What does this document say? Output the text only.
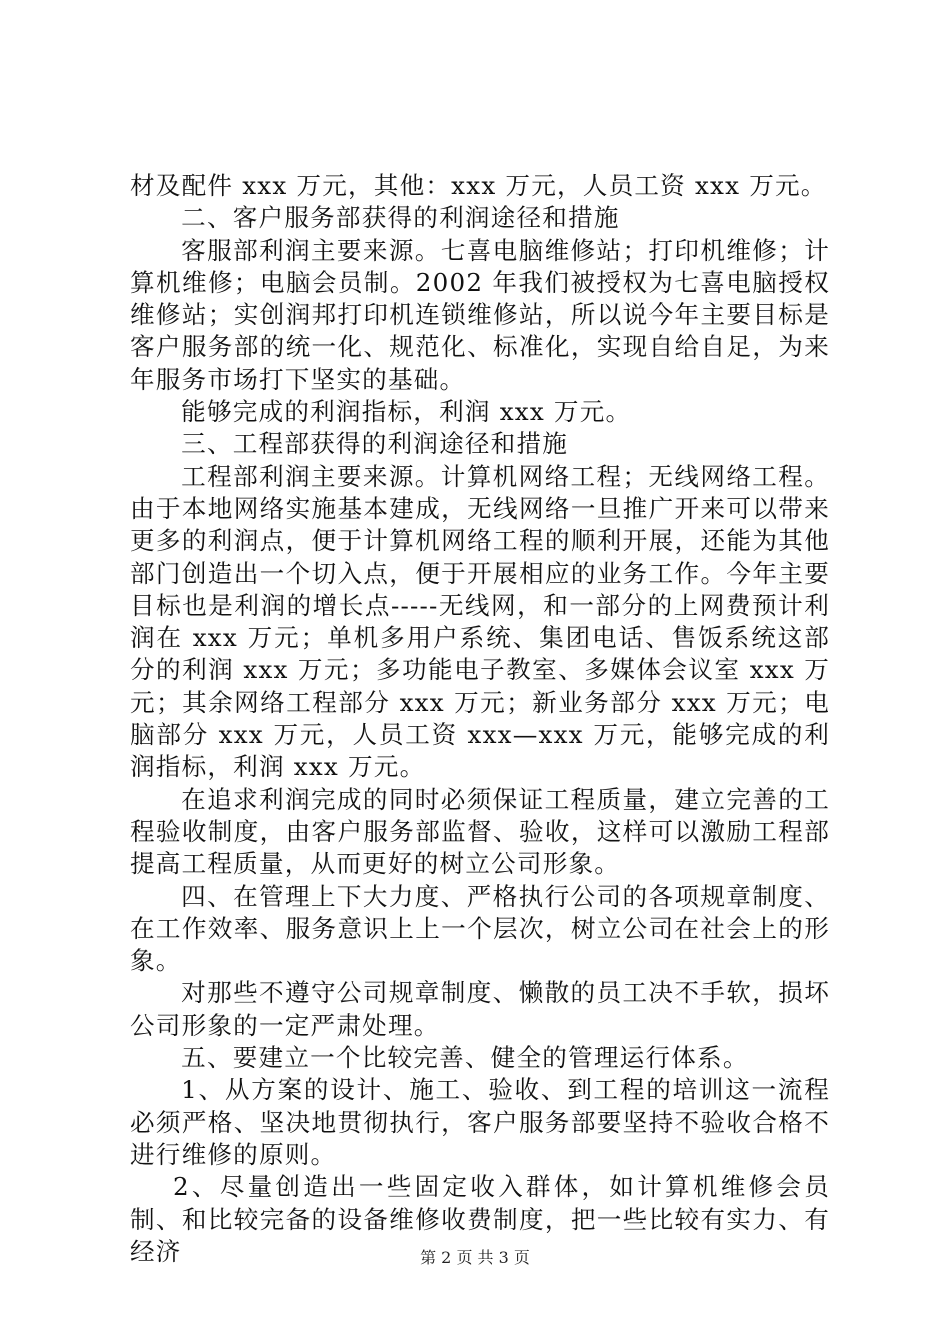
材及配件 xxx 万元，其他：xxx 万元，人员工资 xxx 万元。

二、客户服务部获得的利润途径和措施

客服部利润主要来源。七喜电脑维修站；打印机维修；计算机维修；电脑会员制。2002 年我们被授权为七喜电脑授权维修站；实创润邦打印机连锁维修站，所以说今年主要目标是客户服务部的统一化、规范化、标准化，实现自给自足，为来年服务市场打下坚实的基础。

能够完成的利润指标，利润 xxx 万元。

三、工程部获得的利润途径和措施

工程部利润主要来源。计算机网络工程；无线网络工程。由于本地网络实施基本建成，无线网络一旦推广开来可以带来更多的利润点，便于计算机网络工程的顺利开展，还能为其他部门创造出一个切入点，便于开展相应的业务工作。今年主要目标也是利润的增长点-----无线网，和一部分的上网费预计利润在 xxx 万元；单机多用户系统、集团电话、售饭系统这部分的利润 xxx 万元；多功能电子教室、多媒体会议室 xxx 万元；其余网络工程部分 xxx 万元；新业务部分 xxx 万元；电脑部分 xxx 万元，人员工资 xxx—xxx 万元，能够完成的利润指标，利润 xxx 万元。

在追求利润完成的同时必须保证工程质量，建立完善的工程验收制度，由客户服务部监督、验收，这样可以激励工程部提高工程质量，从而更好的树立公司形象。

四、在管理上下大力度、严格执行公司的各项规章制度、在工作效率、服务意识上上一个层次，树立公司在社会上的形象。

对那些不遵守公司规章制度、懒散的员工决不手软，损坏公司形象的一定严肃处理。

五、要建立一个比较完善、健全的管理运行体系。

1、从方案的设计、施工、验收、到工程的培训这一流程必须严格、坚决地贯彻执行，客户服务部要坚持不验收合格不进行维修的原则。

2、尽量创造出一些固定收入群体，如计算机维修会员制、和比较完备的设备维修收费制度，把一些比较有实力、有经济	第 2 页 共 3 页
